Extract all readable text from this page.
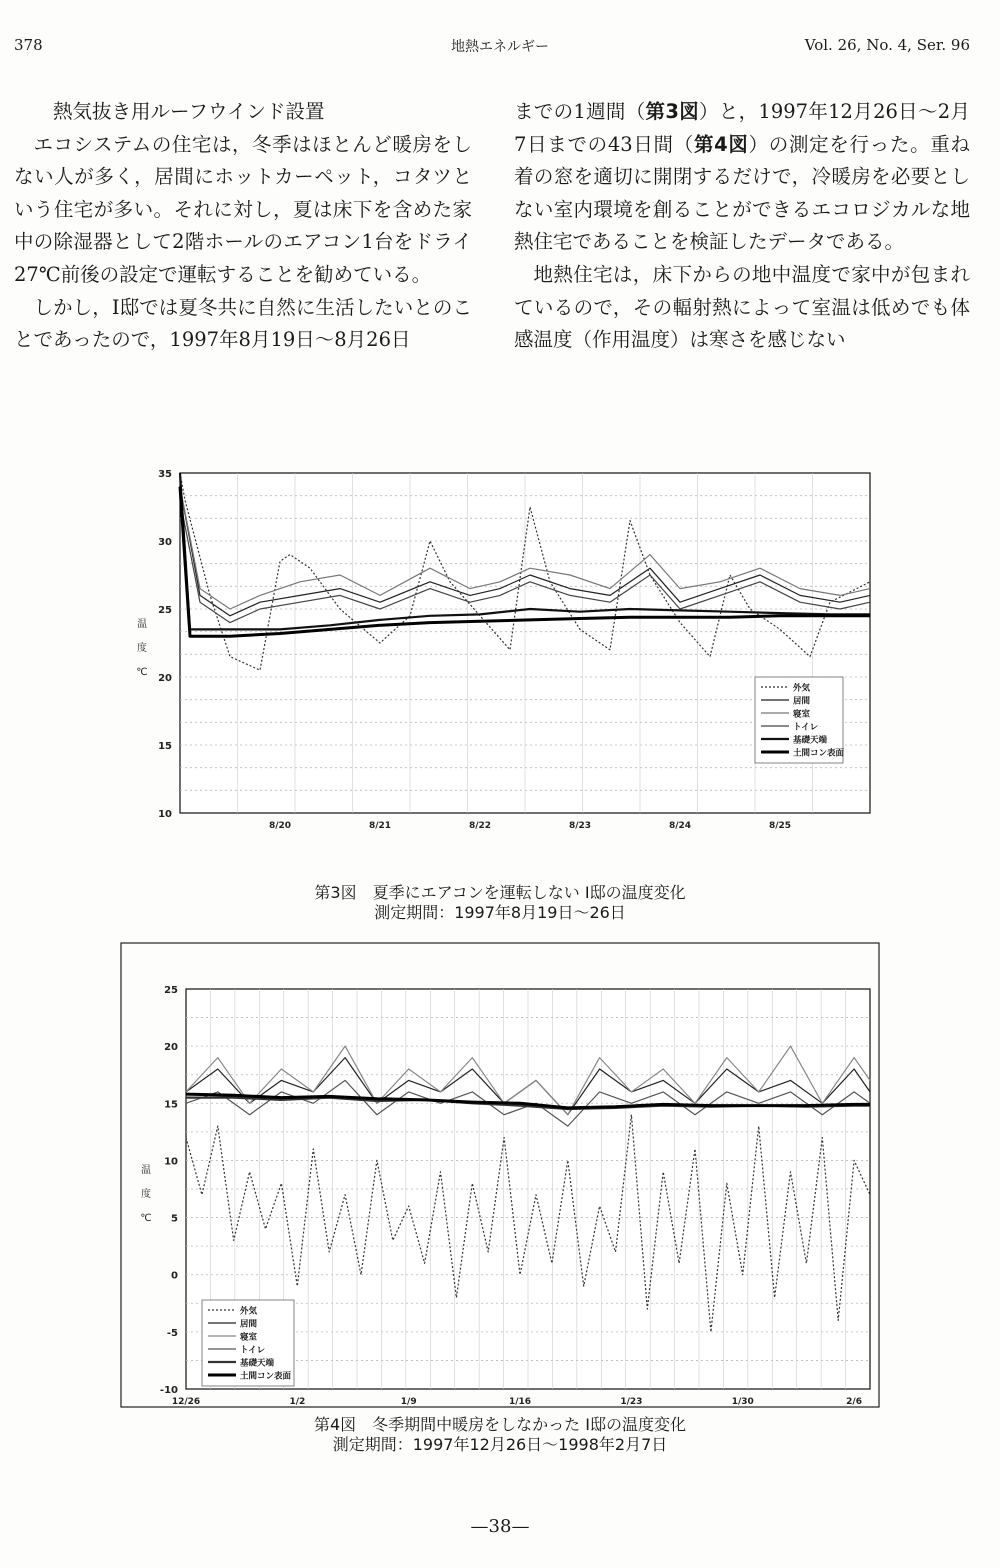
378	地熱エネルギー	Vol. 26, No. 4, Ser. 96

熱気抜き用ルーフウインド設置

エコシステムの住宅は，冬季はほとんど暖房をしない人が多く，居間にホットカーペット，コタツという住宅が多い。それに対し，夏は床下を含めた家中の除湿器として2階ホールのエアコン1台をドライ27℃前後の設定で運転することを勧めている。

しかし，I邸では夏冬共に自然に生活したいとのことであったので，1997年8月19日～8月26日

までの1週間（第3図）と，1997年12月26日～2月7日までの43日間（第4図）の測定を行った。重ね着の窓を適切に開閉するだけで，冷暖房を必要としない室内環境を創ることができるエコロジカルな地熱住宅であることを検証したデータである。

地熱住宅は，床下からの地中温度で家中が包まれているので，その輻射熱によって室温は低めでも体感温度（作用温度）は寒さを感じない

10
15
20
25
30
35
8/20	8/21	8/22	8/23	8/24	8/25
温
度
℃
外気
居間
寝室
トイレ
基礎天端
土間コン表面
第3図　夏季にエアコンを運転しない I邸の温度変化
測定期間：1997年8月19日～26日
-10
-5
0
5
10
15
20
25
12/26	1/2	1/9	1/16	1/23	1/30	2/6
温
度
℃
外気
居間
寝室
トイレ
基礎天端
土間コン表面
第4図　冬季期間中暖房をしなかった I邸の温度変化
測定期間：1997年12月26日～1998年2月7日
—38—
